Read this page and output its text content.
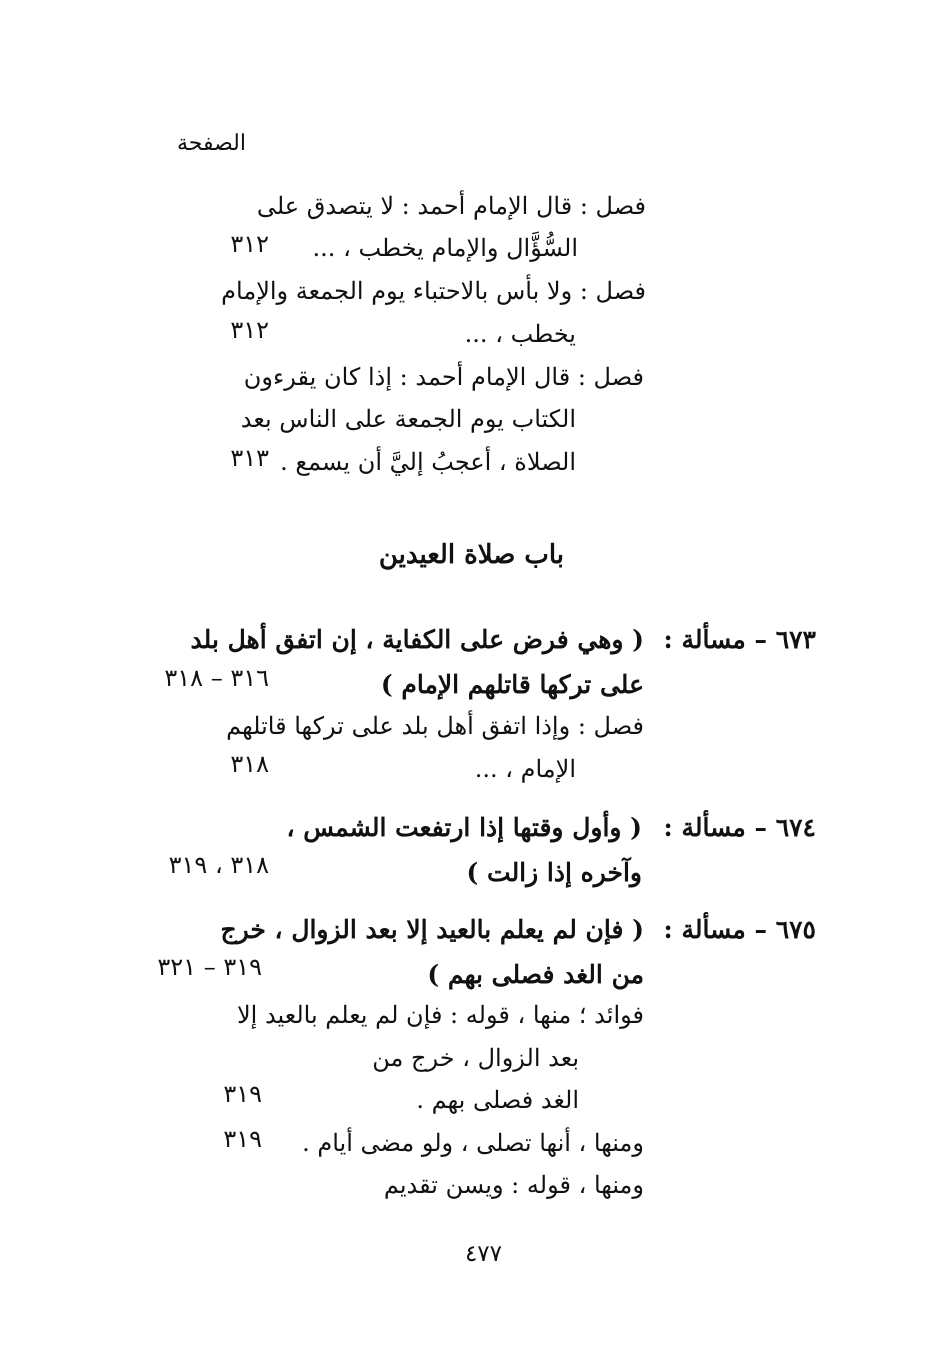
الصفحة
فصل : قال الإمام أحمد : لا يتصدق على
السُّؤَّال والإمام يخطب ، ...
٣١٢
فصل : ولا بأس بالاحتباء يوم الجمعة والإمام
يخطب ، ...
٣١٢
فصل : قال الإمام أحمد : إذا كان يقرءون
الكتاب يوم الجمعة على الناس بعد
الصلاة ، أعجبُ إليَّ أن يسمع .
٣١٣
باب صلاة العيدين
٦٧٣ – مسألة :
( وهي فرض على الكفاية ، إن اتفق أهل بلد
على تركها قاتلهم الإمام )
٣١٦ – ٣١٨
فصل : وإذا اتفق أهل بلد على تركها قاتلهم
الإمام ، ...
٣١٨
٦٧٤ – مسألة :
( وأول وقتها إذا ارتفعت الشمس ،
وآخره إذا زالت )
٣١٨ ، ٣١٩
٦٧٥ – مسألة :
( فإن لم يعلم بالعيد إلا بعد الزوال ، خرج
من الغد فصلى بهم )
٣١٩ – ٣٢١
فوائد ؛ منها ، قوله : فإن لم يعلم بالعيد إلا
بعد الزوال ، خرج من
الغد فصلى بهم .
٣١٩
ومنها ، أنها تصلى ، ولو مضى أيام .
٣١٩
ومنها ، قوله : ويسن تقديم
٤٧٧
